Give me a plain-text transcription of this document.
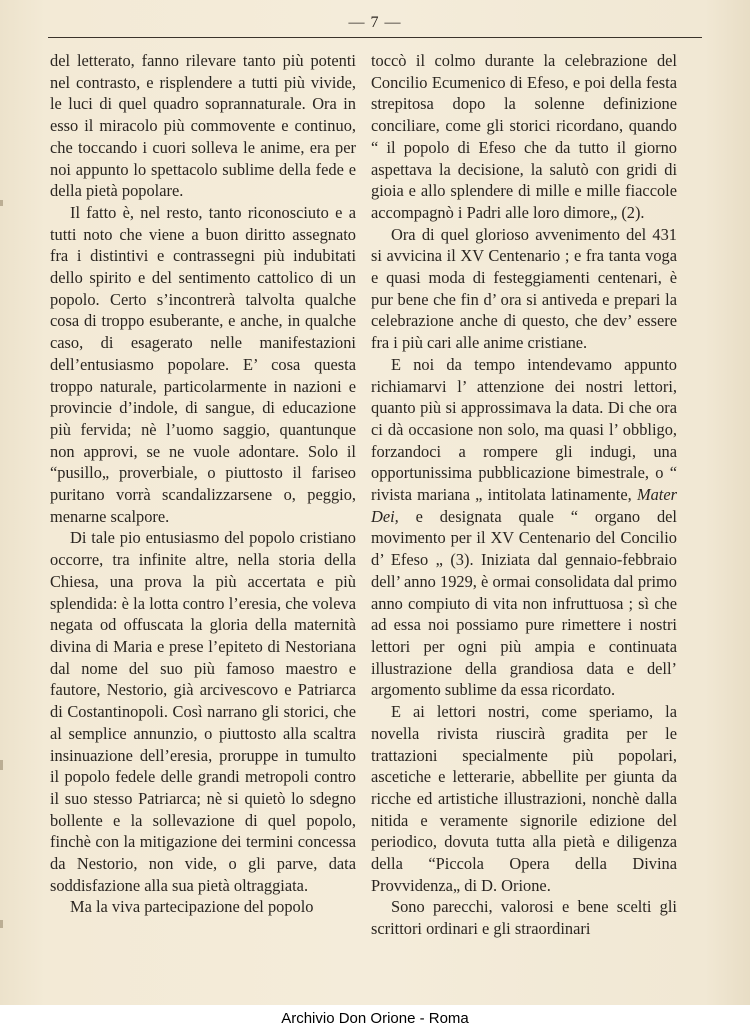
— 7 —

del letterato, fanno rilevare tanto più potenti nel contrasto, e risplendere a tutti più vivide, le luci di quel quadro soprannaturale. Ora in esso il miracolo più commovente e continuo, che toccando i cuori solleva le anime, era per noi appunto lo spettacolo sublime della fede e della pietà popolare.

Il fatto è, nel resto, tanto riconosciuto e a tutti noto che viene a buon diritto assegnato fra i distintivi e contrassegni più indubitati dello spirito e del sentimento cattolico di un popolo. Certo s’incontrerà talvolta qualche cosa di troppo esuberante, e anche, in qualche caso, di esagerato nelle manifestazioni dell’entusiasmo popolare. E’ cosa questa troppo naturale, particolarmente in nazioni e provincie d’indole, di sangue, di educazione più fervida; nè l’uomo saggio, quantunque non approvi, se ne vuole adontare. Solo il “pusillo„ proverbiale, o piuttosto il fariseo puritano vorrà scandalizzarsene o, peggio, menarne scalpore.

Di tale pio entusiasmo del popolo cristiano occorre, tra infinite altre, nella storia della Chiesa, una prova la più accertata e più splendida: è la lotta contro l’eresia, che voleva negata od offuscata la gloria della maternità divina di Maria e prese l’epiteto di Nestoriana dal nome del suo più famoso maestro e fautore, Nestorio, già arcivescovo e Patriarca di Costantinopoli. Così narrano gli storici, che al semplice annunzio, o piuttosto alla scaltra insinuazione dell’eresia, proruppe in tumulto il popolo fedele delle grandi metropoli contro il suo stesso Patriarca; nè si quietò lo sdegno bollente e la sollevazione di quel popolo, finchè con la mitigazione dei termini concessa da Nestorio, non vide, o gli parve, data soddisfazione alla sua pietà oltraggiata.

Ma la viva partecipazione del popolo

toccò il colmo durante la celebrazione del Concilio Ecumenico di Efeso, e poi della festa strepitosa dopo la solenne definizione conciliare, come gli storici ricordano, quando “ il popolo di Efeso che da tutto il giorno aspettava la decisione, la salutò con gridi di gioia e allo splendere di mille e mille fiaccole accompagnò i Padri alle loro dimore„ (2).

Ora di quel glorioso avvenimento del 431 si avvicina il XV Centenario ; e fra tanta voga e quasi moda di festeggiamenti centenari, è pur bene che fin d’ ora si antiveda e prepari la celebrazione anche di questo, che dev’ essere fra i più cari alle anime cristiane.

E noi da tempo intendevamo appunto richiamarvi l’ attenzione dei nostri lettori, quanto più si approssimava la data. Di che ora ci dà occasione non solo, ma quasi l’ obbligo, forzandoci a rompere gli indugi, una opportunissima pubblicazione bimestrale, o “ rivista mariana „ intitolata latinamente, Mater Dei, e designata quale “ organo del movimento per il XV Centenario del Concilio d’ Efeso „ (3). Iniziata dal gennaio-febbraio dell’ anno 1929, è ormai consolidata dal primo anno compiuto di vita non infruttuosa ; sì che ad essa noi possiamo pure rimettere i nostri lettori per ogni più ampia e continuata illustrazione della grandiosa data e dell’ argomento sublime da essa ricordato.

E ai lettori nostri, come speriamo, la novella rivista riuscirà gradita per le trattazioni specialmente più popolari, ascetiche e letterarie, abbellite per giunta da ricche ed artistiche illustrazioni, nonchè dalla nitida e veramente signorile edizione del periodico, dovuta tutta alla pietà e diligenza della “Piccola Opera della Divina Provvidenza„ di D. Orione.

Sono parecchi, valorosi e bene scelti gli scrittori ordinari e gli straordinari

Archivio Don Orione - Roma
